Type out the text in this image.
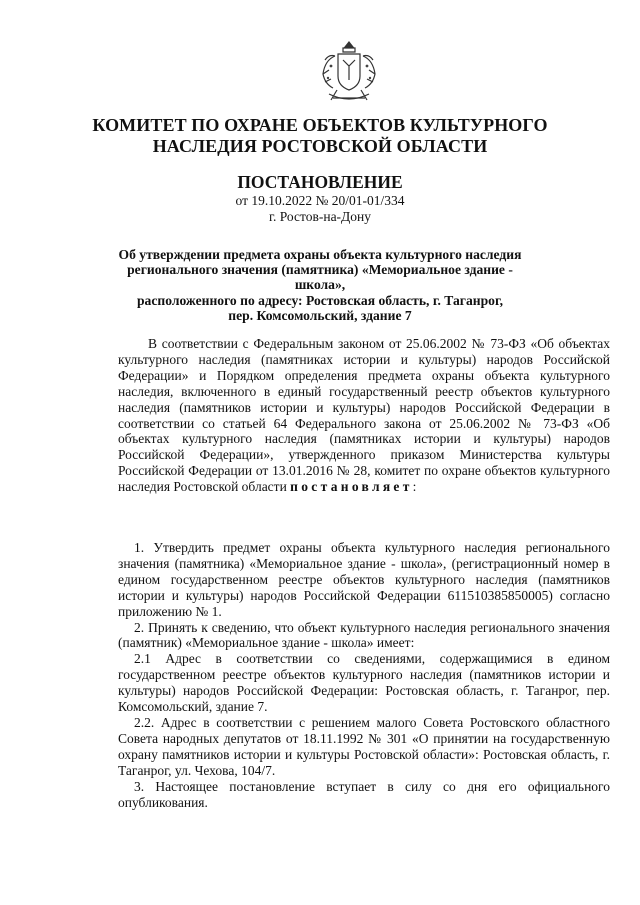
КОМИТЕТ ПО ОХРАНЕ ОБЪЕКТОВ КУЛЬТУРНОГО
НАСЛЕДИЯ РОСТОВСКОЙ ОБЛАСТИ
ПОСТАНОВЛЕНИЕ
от 19.10.2022 № 20/01-01/334
г. Ростов-на-Дону
Об утверждении предмета охраны объекта культурного наследия
регионального значения (памятника) «Мемориальное здание - школа»,
расположенного по адресу: Ростовская область, г. Таганрог,
пер. Комсомольский, здание 7

В соответствии с Федеральным законом от 25.06.2002 № 73-ФЗ «Об объектах культурного наследия (памятниках истории и культуры) народов Российской Федерации» и Порядком определения предмета охраны объекта культурного наследия, включенного в единый государственный реестр объектов культурного наследия (памятников истории и культуры) народов Российской Федерации в соответствии со статьей 64 Федерального закона от 25.06.2002 № 73-ФЗ «Об объектах культурного наследия (памятниках истории и культуры) народов Российской Федерации», утвержденного приказом Министерства культуры Российской Федерации от 13.01.2016 № 28, комитет по охране объектов культурного наследия Ростовской области постановляет:

1. Утвердить предмет охраны объекта культурного наследия регионального значения (памятника) «Мемориальное здание - школа», (регистрационный номер в едином государственном реестре объектов культурного наследия (памятников истории и культуры) народов Российской Федерации 611510385850005) согласно приложению № 1.

2. Принять к сведению, что объект культурного наследия регионального значения (памятник) «Мемориальное здание - школа» имеет:

2.1 Адрес в соответствии со сведениями, содержащимися в едином государственном реестре объектов культурного наследия (памятников истории и культуры) народов Российской Федерации: Ростовская область, г. Таганрог, пер. Комсомольский, здание 7.

2.2. Адрес в соответствии с решением малого Совета Ростовского областного Совета народных депутатов от 18.11.1992 № 301 «О принятии на государственную охрану памятников истории и культуры Ростовской области»: Ростовская область, г. Таганрог, ул. Чехова, 104/7.

3. Настоящее постановление вступает в силу со дня его официального опубликования.
